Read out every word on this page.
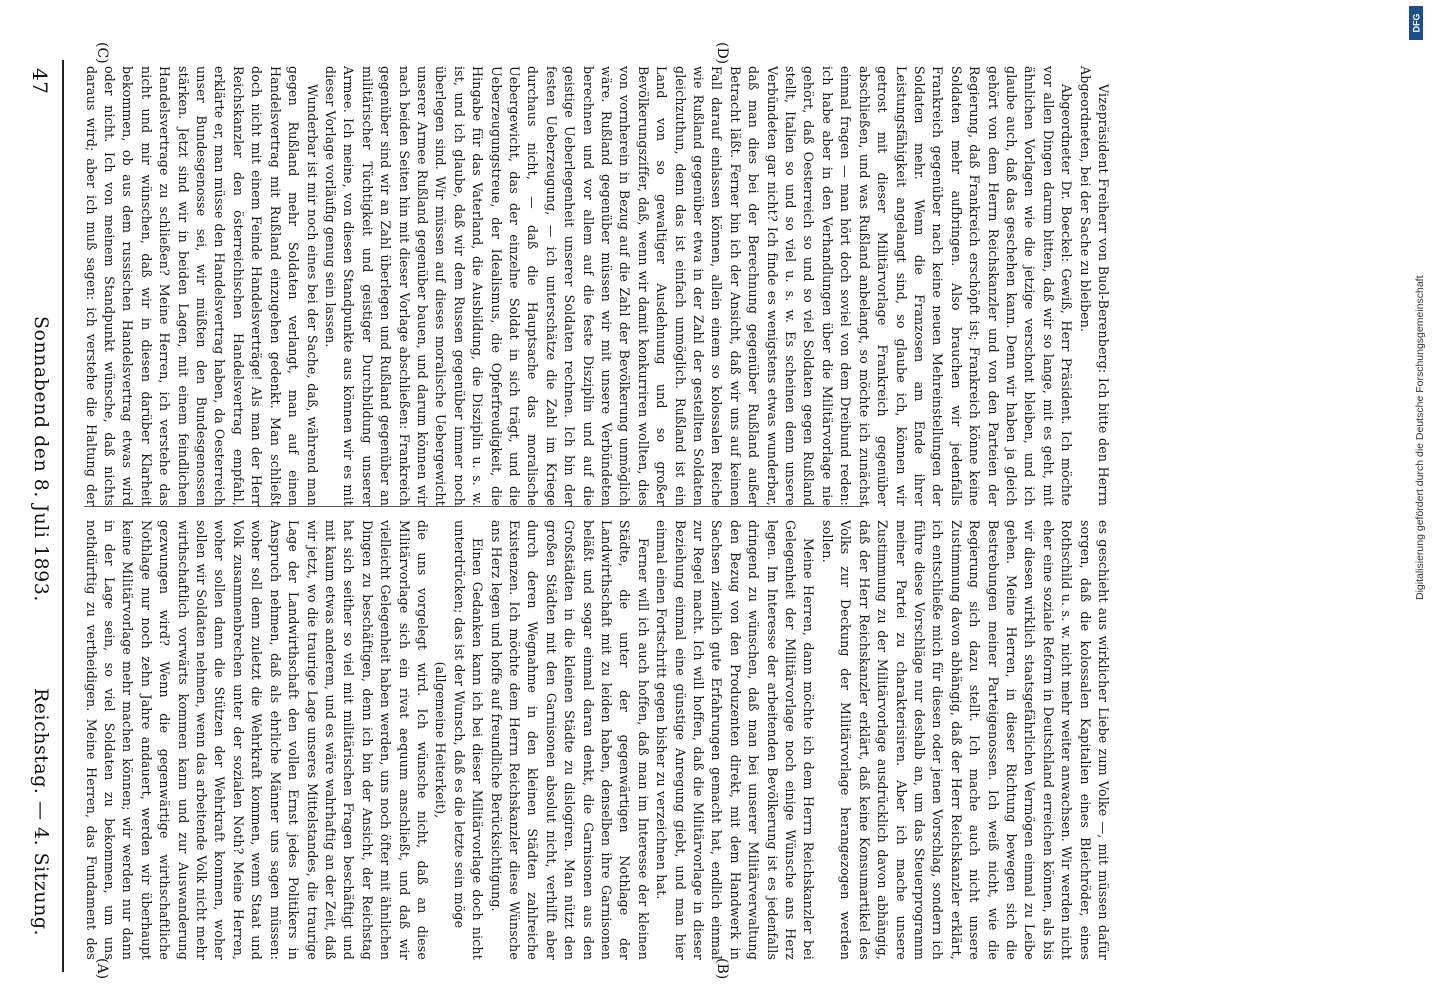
Reichstag. — 4. Sitzung.
Sonnabend den 8. Juli 1893.
47
(A)	(B)
(C)	(D)

es geschieht aus wirklicher Liebe zum Volke —, mit müssen dafür sorgen, daß die kolossalen Kapitalien eines Bleichröder, eines Rothschild u. s. w. nicht mehr weiter anwachsen. Wir werden nicht eher eine soziale Reform in Deutschland erreichen können, als bis wir diesen wirklich staatsgefährlichen Vermögen einmal zu Leibe gehen. Meine Herren, in dieser Richtung bewegen sich die Bestrebungen meiner Parteigenossen. Ich weiß nicht, wie die Regierung sich dazu stellt. Ich mache auch nicht unsere Zustimmung davon abhängig, daß der Herr Reichskanzler erklärt, ich entschließe mich für diesen oder jenen Vorschlag, sondern ich führe diese Vorschläge nur deshalb an, um das Steuerprogramm meiner Partei zu charakterisiren. Aber ich mache unsere Zustimmung zu der Militärvorlage ausdrücklich davon abhängig, daß der Herr Reichskanzler erklärt, daß keine Konsumartikel des Volks zur Deckung der Militärvorlage herangezogen werden sollen.

Meine Herren, dann möchte ich dem Herrn Reichskanzler bei Gelegenheit der Militärvorlage noch einige Wünsche ans Herz legen. Im Interesse der arbeitenden Bevölkerung ist es jedenfalls dringend zu wünschen, daß man bei unserer Militärverwaltung den Bezug von den Produzenten direkt, mit dem Handwerk in Sachsen ziemlich gute Erfahrungen gemacht hat, endlich einmal zur Regel macht. Ich will hoffen, daß die Militärvorlage in dieser Beziehung einmal eine günstige Anregung giebt, und man hier einmal einen Fortschritt gegen bisher zu verzeichnen hat.

Ferner will ich auch hoffen, daß man im Interesse der kleinen Städte, die unter der gegenwärtigen Nothlage der Landwirthschaft mit zu leiden haben, denselben ihre Garnisonen beläßt und sogar einmal daran denkt, die Garnisonen aus den Großstädten in die kleinen Städte zu dislogiren. Man nützt den großen Städten mit den Garnisonen absolut nicht, verhilft aber durch deren Wegnahme in den kleinen Städten zahlreiche Existenzen. Ich möchte dem Herrn Reichskanzler diese Wünsche ans Herz legen und hoffe auf freundliche Berücksichtigung.

Einen Gedanken kann ich bei dieser Militärvorlage doch nicht unterdrücken; das ist der Wunsch, daß es die letzte sein möge

(allgemeine Heiterkeit),

die uns vorgelegt wird. Ich wünsche nicht, daß an diese Militärvorlage sich ein rivat aequum anschließt, und daß wir vielleicht Gelegenheit haben werden, uns noch öfter mit ähnlichen Dingen zu beschäftigen, denn ich bin der Ansicht, der Reichstag hat sich seither so viel mit militärischen Fragen beschäftigt und mit kaum etwas anderem, und es wäre wahrhaftig an der Zeit, daß wir jetzt, wo die traurige Lage unseres Mittelstandes, die traurige Lage der Landwirthschaft den vollen Ernst jedes Politikers in Anspruch nehmen, daß als ehrliche Männer uns sagen müssen: woher soll denn zuletzt die Wehrkraft kommen, wenn Staat und Volk zusammenbrechen unter der sozialen Noth? Meine Herren, woher sollen dann die Stützen der Wehrkraft kommen, woher sollen wir Soldaten nehmen, wenn das arbeitende Volk nicht mehr wirthschaftlich vorwärts kommen kann und zur Auswanderung gezwungen wird? Wenn die gegenwärtige wirthschaftliche Nothlage nur noch zehn Jahre andauert, werden wir überhaupt keine Militärvorlage mehr machen können; wir werden nur dann in der Lage sein, so viel Soldaten zu bekommen, um uns nothdürftig zu vertheidigen. Meine Herren, das Fundament des

Vizepräsident Freiherr von Buol-Berenberg: Ich bitte den Herrn Abgeordneten, bei der Sache zu bleiben.

Abgeordneter Dr. Boeckel: Gewiß, Herr Präsident. Ich möchte vor allen Dingen darum bitten, daß wir so lange, mit es geht, mit ähnlichen Vorlagen wie die jetzige verschont bleiben, und ich glaube auch, daß das geschehen kann. Denn wir haben ja gleich gehört von dem Herrn Reichskanzler und von den Parteien der Regierung, daß Frankreich erschöpft ist; Frankreich könne keine Soldaten mehr aufbringen. Also brauchen wir jedenfalls Frankreich gegenüber nach keine neuen Mehreinstellungen der Soldaten mehr. Wenn die Franzosen am Ende ihrer Leistungsfähigkeit angelangt sind, so glaube ich, können wir getrost mit dieser Militärvorlage Frankreich gegenüber abschließen, und was Rußland anbelangt, so möchte ich zunächst einmal fragen — man hört doch soviel von dem Dreibund reden: ich habe aber in den Verhandlungen über die Militärvorlage nie gehört, daß Oesterreich so und so viel Soldaten gegen Rußland stellt, Italien so und so viel u. s. w. Es scheinen denn unsere Verbündeten gar nicht? Ich finde es wenigstens etwas wunderbar, daß man dies bei der Berechnung gegenüber Rußland außer Betracht läßt. Ferner bin ich der Ansicht, daß wir uns auf keinen Fall darauf einlassen können, allein einem so kolossalen Reiche wie Rußland gegenüber etwa in der Zahl der gestellten Soldaten gleichzuthun, denn das ist einfach unmöglich. Rußland ist ein Land von so gewaltiger Ausdehnung und so großer Bevölkerungsziffer, daß, wenn wir damit konkurriren wollten, dies von vornherein in Bezug auf die Zahl der Bevölkerung unmöglich wäre. Rußland gegenüber müssen wir mit unsere Verbündeten berechnen und vor allem auf die feste Disziplin und auf die geistige Ueberlegenheit unserer Soldaten rechnen. Ich bin der festen Ueberzeugung, — ich unterschätze die Zahl im Kriege durchaus nicht, — daß die Hauptsache das moralische Uebergewicht, das der einzelne Soldat in sich trägt, und die Ueberzeugungstreue, der Idealismus, die Opferfreudigkeit, die Hingabe für das Vaterland, die Ausbildung, die Disziplin u. s. w. ist, und ich glaube, daß wir dem Russen gegenüber immer noch überlegen sind. Wir müssen auf dieses moralische Uebergewicht unserer Armee Rußland gegenüber bauen, und darum können wir nach beiden Seiten hin mit dieser Vorlage abschließen: Frankreich gegenüber sind wir an Zahl überlegen und Rußland gegenüber an militärischer Tüchtigkeit und geistiger Durchbildung unserer Armee. Ich meine, von diesen Standpunkte aus können wir es mit dieser Vorlage vorläufig genug sein lassen.

Wunderbar ist mir noch eines bei der Sache, daß, während man gegen Rußland mehr Soldaten verlangt, man auf einen Handelsvertrag mit Rußland einzugehen gedenkt. Man schließt doch nicht mit einem Feinde Handelsverträge! Als man der Herr Reichskanzler den österreichischen Handelsvertrag empfahl, erklärte er, man müsse den Handelsvertrag haben, da Oesterreich unser Bundesgenosse sei, wir müßten den Bundesgenossen stärken. Jetzt sind wir in beiden Lagen, mit einem feindlichen Handelsvertrage zu schließen? Meine Herren, ich verstehe das nicht und mir wünschen, daß wir in diesen darüber Klarheit bekommen, ob aus dem russischen Handelsvertrag etwas wird oder nicht. Ich von meinem Standpunkt wünsche, daß nichts daraus wird; aber ich muß sagen: ich verstehe die Haltung der

DFG
Digitalisierung gefördert durch die Deutsche Forschungsgemeinschaft
